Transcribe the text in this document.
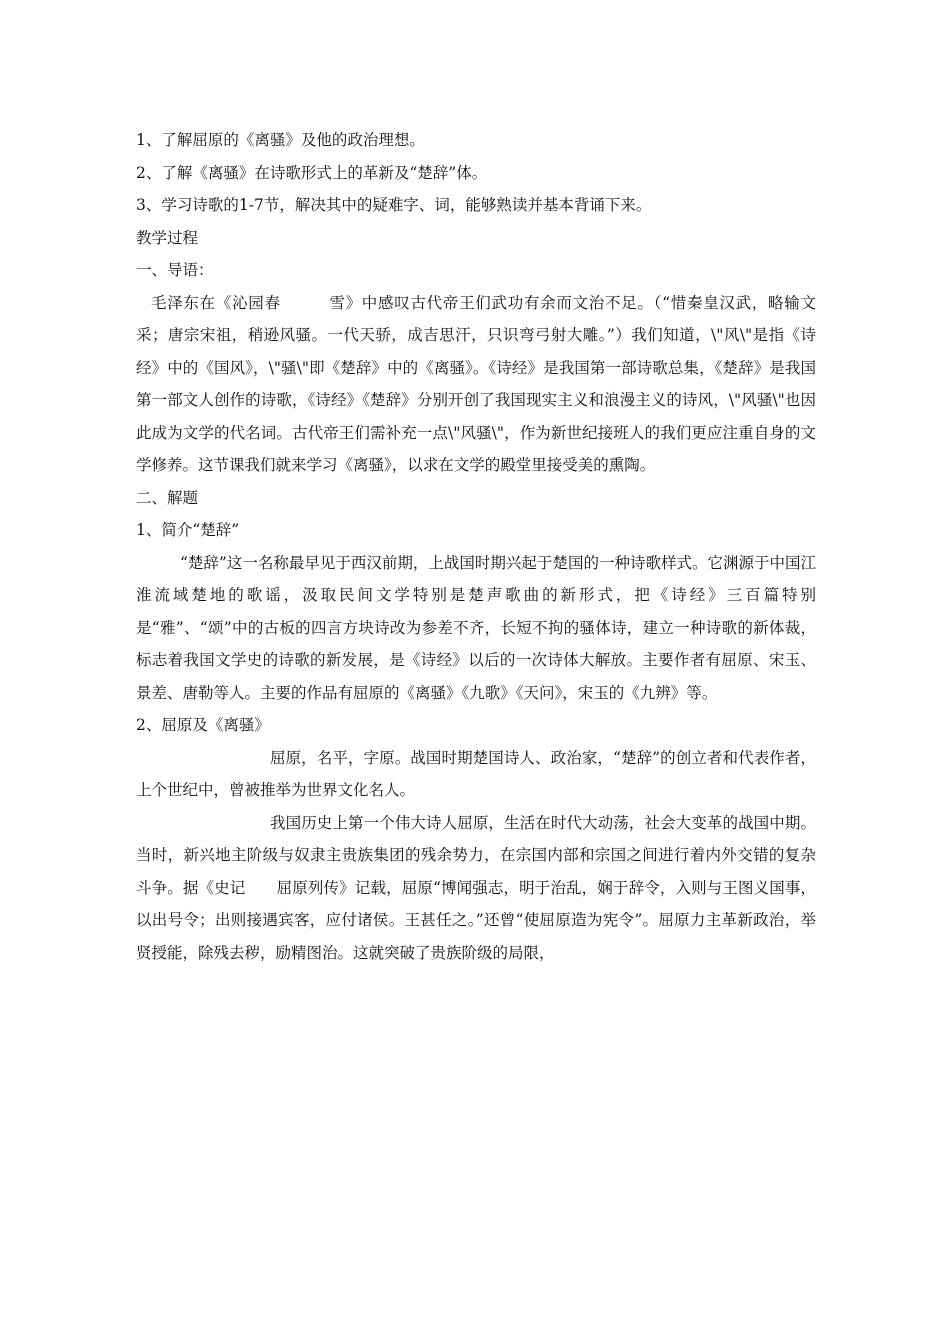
1、了解屈原的《离骚》及他的政治理想。
2、了解《离骚》在诗歌形式上的革新及“楚辞”体。
3、学习诗歌的1-7节，解决其中的疑难字、词，能够熟读并基本背诵下来。
教学过程
一、导语：

毛泽东在《沁园春　　　雪》中感叹古代帝王们武功有余而文治不足。（“惜秦皇汉武，略输文采；唐宗宋祖，稍逊风骚。一代天骄，成吉思汗，只识弯弓射大雕。”）我们知道，\"风\"是指《诗经》中的《国风》，\"骚\"即《楚辞》中的《离骚》。《诗经》是我国第一部诗歌总集，《楚辞》是我国第一部文人创作的诗歌，《诗经》《楚辞》分别开创了我国现实主义和浪漫主义的诗风，\"风骚\"也因此成为文学的代名词。古代帝王们需补充一点\"风骚\"，作为新世纪接班人的我们更应注重自身的文学修养。这节课我们就来学习《离骚》，以求在文学的殿堂里接受美的熏陶。

二、解题
1、简介“楚辞”

“楚辞”这一名称最早见于西汉前期，上战国时期兴起于楚国的一种诗歌样式。它渊源于中国江淮流域楚地的歌谣，汲取民间文学特别是楚声歌曲的新形式，把《诗经》三百篇特别是“雅”、“颂”中的古板的四言方块诗改为参差不齐，长短不拘的骚体诗，建立一种诗歌的新体裁，标志着我国文学史的诗歌的新发展，是《诗经》以后的一次诗体大解放。主要作者有屈原、宋玉、景差、唐勒等人。主要的作品有屈原的《离骚》《九歌》《天问》，宋玉的《九辨》等。

2、屈原及《离骚》

屈原，名平，字原。战国时期楚国诗人、政治家，“楚辞”的创立者和代表作者，上个世纪中，曾被推举为世界文化名人。

我国历史上第一个伟大诗人屈原，生活在时代大动荡，社会大变革的战国中期。当时，新兴地主阶级与奴隶主贵族集团的残余势力，在宗国内部和宗国之间进行着内外交错的复杂斗争。据《史记　　屈原列传》记载，屈原“博闻强志，明于治乱，娴于辞令，入则与王图义国事，以出号令；出则接遇宾客，应付诸侯。王甚任之。”还曾“使屈原造为宪令”。屈原力主革新政治，举贤授能，除残去秽，励精图治。这就突破了贵族阶级的局限，
